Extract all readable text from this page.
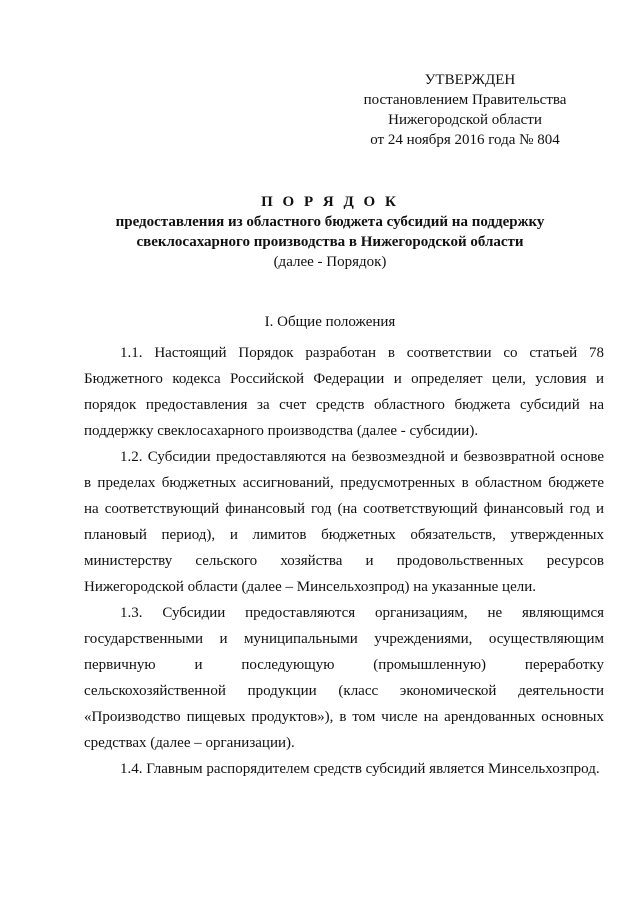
УТВЕРЖДЕН
постановлением Правительства
Нижегородской области
от 24 ноября 2016 года № 804
П О Р Я Д О К
предоставления из областного бюджета субсидий на поддержку
свеклосахарного производства в Нижегородской области
(далее - Порядок)
I. Общие положения

1.1. Настоящий Порядок разработан в соответствии со статьей 78 Бюджетного кодекса Российской Федерации и определяет цели, условия и порядок предоставления за счет средств областного бюджета субсидий на поддержку свеклосахарного производства (далее - субсидии).

1.2. Субсидии предоставляются на безвозмездной и безвозвратной основе в пределах бюджетных ассигнований, предусмотренных в областном бюджете на соответствующий финансовый год (на соответствующий финансовый год и плановый период), и лимитов бюджетных обязательств, утвержденных министерству сельского хозяйства и продовольственных ресурсов Нижегородской области (далее – Минсельхозпрод) на указанные цели.

1.3. Субсидии предоставляются организациям, не являющимся государственными и муниципальными учреждениями, осуществляющим первичную и последующую (промышленную) переработку сельскохозяйственной продукции (класс экономической деятельности «Производство пищевых продуктов»), в том числе на арендованных основных средствах (далее – организации).

1.4. Главным распорядителем средств субсидий является Минсельхозпрод.
